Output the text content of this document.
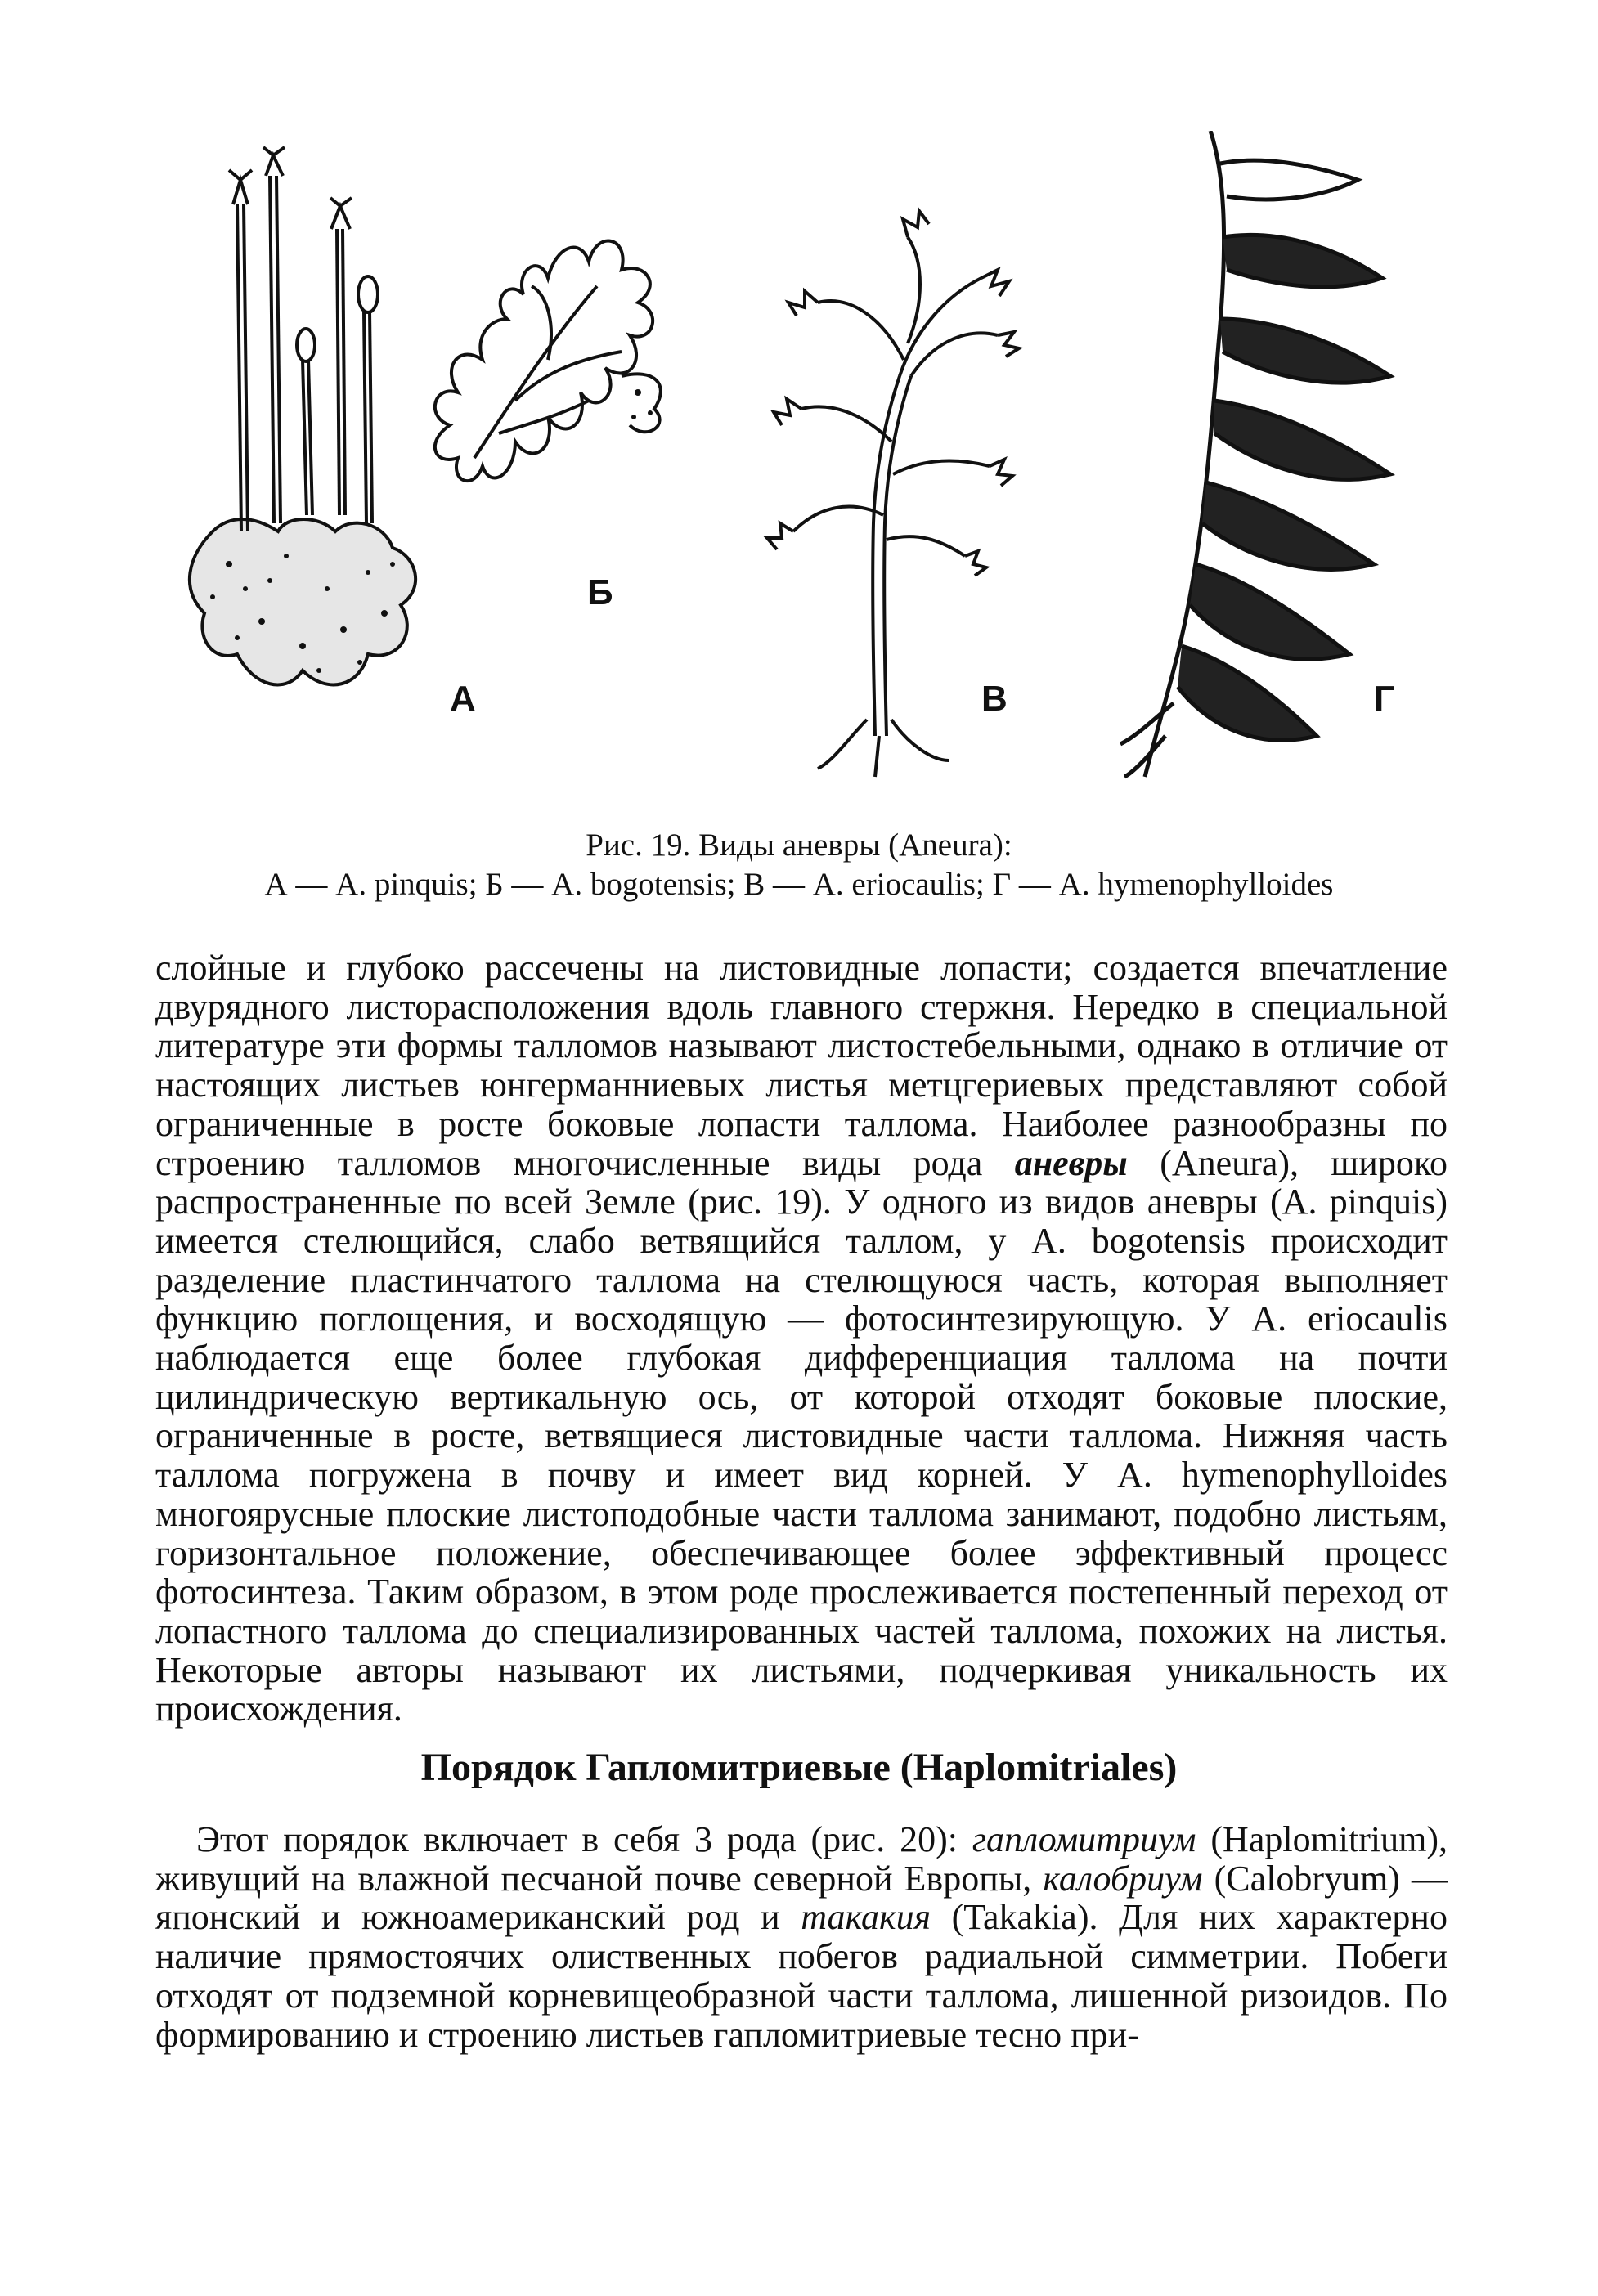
А
Б
В	Г
Рис. 19. Виды аневры (Aneura):
А — A. pinquis; Б — A. bogotensis; В — A. eriocaulis; Г — A. hymenophylloides

слойные и глубоко рассечены на листовидные лопасти; создается впечатление двурядного листорасположения вдоль главного стержня. Нередко в специальной литературе эти формы талломов называют листостебельными, однако в отличие от настоящих листьев юнгерманниевых листья метцгериевых представляют собой ограниченные в росте боковые лопасти таллома. Наиболее разнообразны по строению талломов многочисленные виды рода аневры (Aneura), широко распространенные по всей Земле (рис. 19). У одного из видов аневры (A. pinquis) имеется стелющийся, слабо ветвящийся таллом, у A. bogotensis происходит разделение пластинчатого таллома на стелющуюся часть, которая выполняет функцию поглощения, и восходящую — фотосинтезирующую. У A. eriocaulis наблюдается еще более глубокая дифференциация таллома на почти цилиндрическую вертикальную ось, от которой отходят боковые плоские, ограниченные в росте, ветвящиеся листовидные части таллома. Нижняя часть таллома погружена в почву и имеет вид корней. У A. hymenophylloides многоярусные плоские листоподобные части таллома занимают, подобно листьям, горизонтальное положение, обеспечивающее более эффективный процесс фотосинтеза. Таким образом, в этом роде прослеживается постепенный переход от лопастного таллома до специализированных частей таллома, похожих на листья. Некоторые авторы называют их листьями, подчеркивая уникальность их происхождения.

Порядок Гапломитриевые (Haplomitriales)

Этот порядок включает в себя 3 рода (рис. 20): гапломитриум (Haplomitrium), живущий на влажной песчаной почве северной Европы, калобриум (Calobryum) — японский и южноамериканский род и такакия (Takakia). Для них характерно наличие прямостоячих олиственных побегов радиальной симметрии. Побеги отходят от подземной корневищеобразной части таллома, лишенной ризоидов. По формированию и строению листьев гапломитриевые тесно при-
